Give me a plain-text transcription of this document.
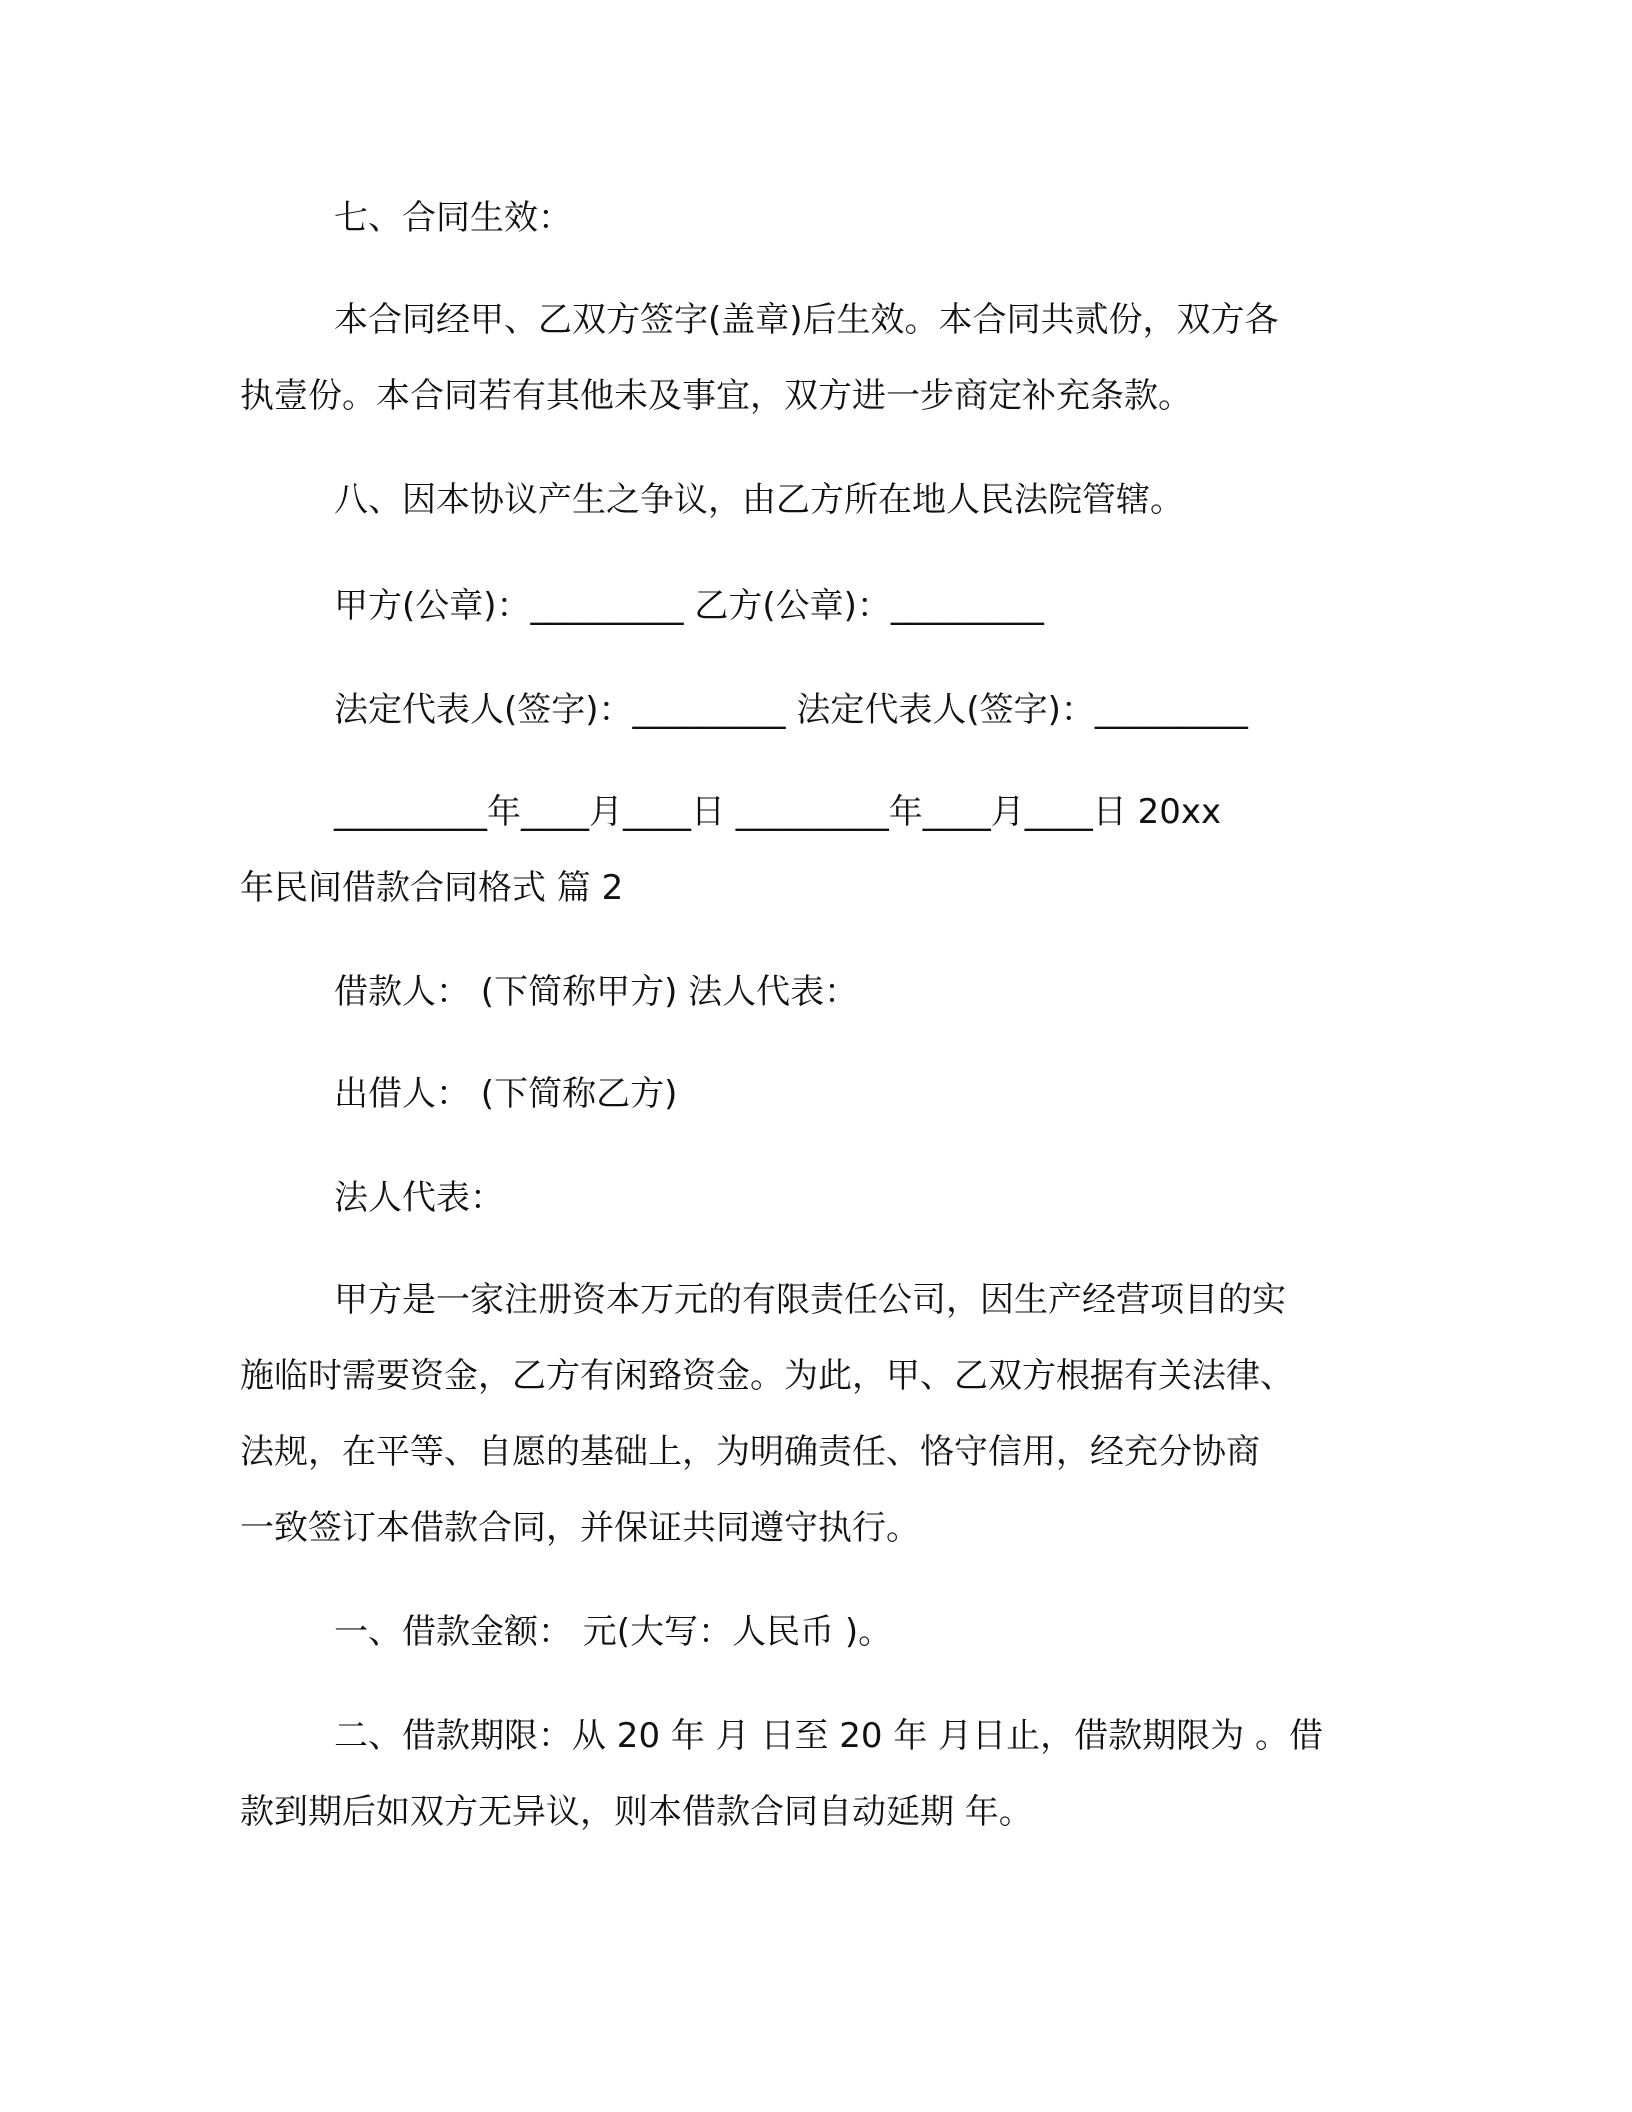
七、合同生效：
本合同经甲、乙双方签字(盖章)后生效。本合同共贰份，双方各
执壹份。本合同若有其他未及事宜，双方进一步商定补充条款。
八、因本协议产生之争议，由乙方所在地人民法院管辖。
甲方(公章)：_________ 乙方(公章)：_________
法定代表人(签字)：_________ 法定代表人(签字)：_________
_________年____月____日 _________年____月____日 20xx
年民间借款合同格式 篇 2
借款人： (下简称甲方) 法人代表：
出借人： (下简称乙方)
法人代表：
甲方是一家注册资本万元的有限责任公司，因生产经营项目的实
施临时需要资金，乙方有闲臵资金。为此，甲、乙双方根据有关法律、
法规，在平等、自愿的基础上，为明确责任、恪守信用，经充分协商
一致签订本借款合同，并保证共同遵守执行。
一、借款金额： 元(大写：人民币 )。
二、借款期限：从 20 年 月 日至 20 年 月日止，借款期限为 。借
款到期后如双方无异议，则本借款合同自动延期 年。
